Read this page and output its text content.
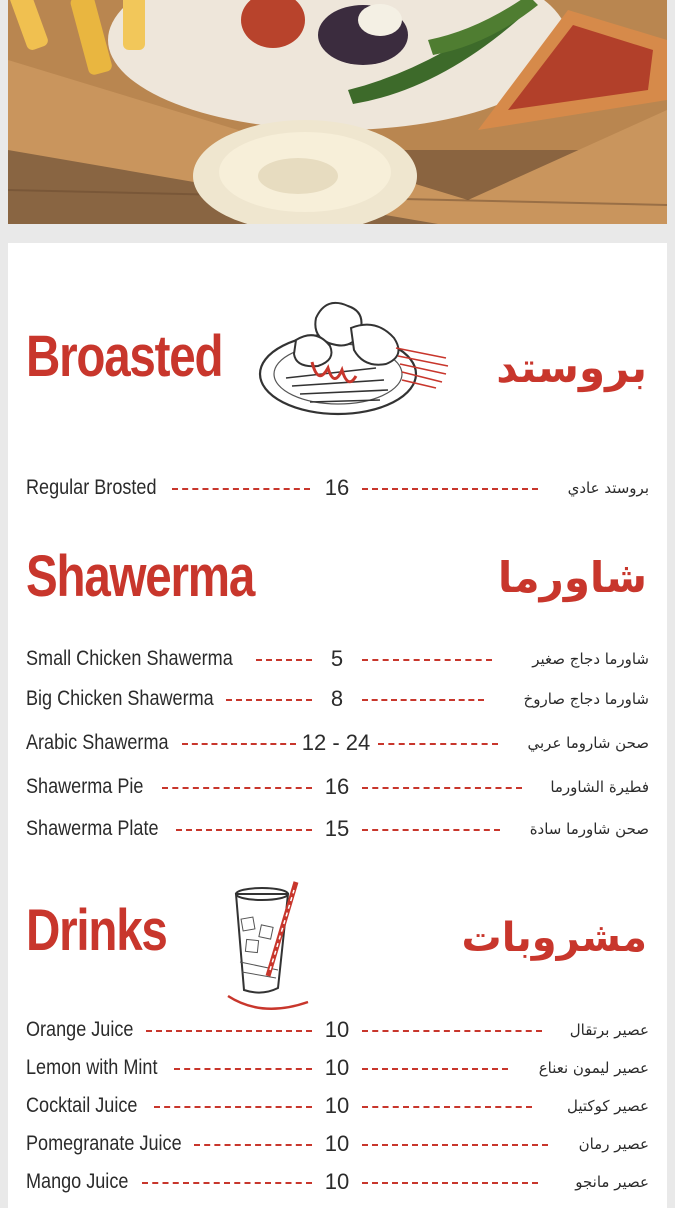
Broasted	بروستد
Regular Brosted	16	بروستد عادي
Shawerma	شاورما
Small Chicken Shawerma	5	شاورما دجاج صغير
Big Chicken Shawerma	8	شاورما دجاج صاروخ
Arabic Shawerma	12 - 24	صحن شاروما عربي
Shawerma Pie	16	فطيرة الشاورما
Shawerma Plate	15	صحن شاورما سادة
Drinks	مشروبات
Orange Juice	10	عصير برتقال
Lemon with Mint	10	عصير ليمون نعناع
Cocktail Juice	10	عصير كوكتيل
Pomegranate Juice	10	عصير رمان
Mango Juice	10	عصير مانجو
